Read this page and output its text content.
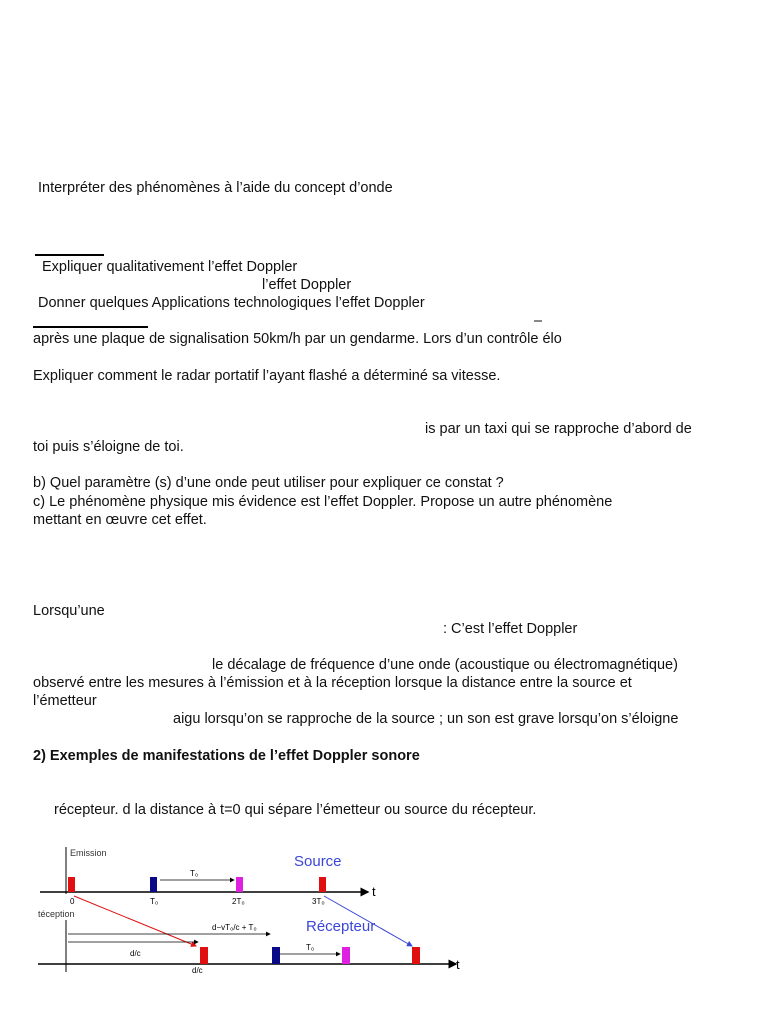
Interpréter des phénomènes à l’aide du concept d’onde
Expliquer qualitativement l’effet Doppler
l’effet Doppler
Donner quelques Applications technologiques l’effet Doppler
–
après une plaque de signalisation 50km/h par un gendarme. Lors d’un contrôle élo
Expliquer comment le radar portatif l’ayant flashé a déterminé sa vitesse.
is par un taxi qui se rapproche d’abord de
toi puis s’éloigne de toi.
b) Quel paramètre (s) d’une onde peut utiliser pour expliquer ce constat ?
c) Le phénomène physique mis évidence est l’effet Doppler. Propose un autre phénomène
mettant en œuvre cet effet.
Lorsqu’une
: C’est l’effet Doppler
le décalage de fréquence d’une onde (acoustique ou électromagnétique)
observé entre les mesures à l’émission et à la réception lorsque la distance entre la source et
l’émetteur
aigu lorsqu’on se rapproche de la source ; un son est grave lorsqu’on s’éloigne
2) Exemples de manifestations de l’effet Doppler sonore
récepteur. d la distance à t=0 qui sépare l’émetteur ou source du récepteur.
Emission
t
Source
0	T₀	2T₀	3T₀
T₀
téception
t
Récepteur
d−vT₀/c + T₀
d/c
d/c
T₀
